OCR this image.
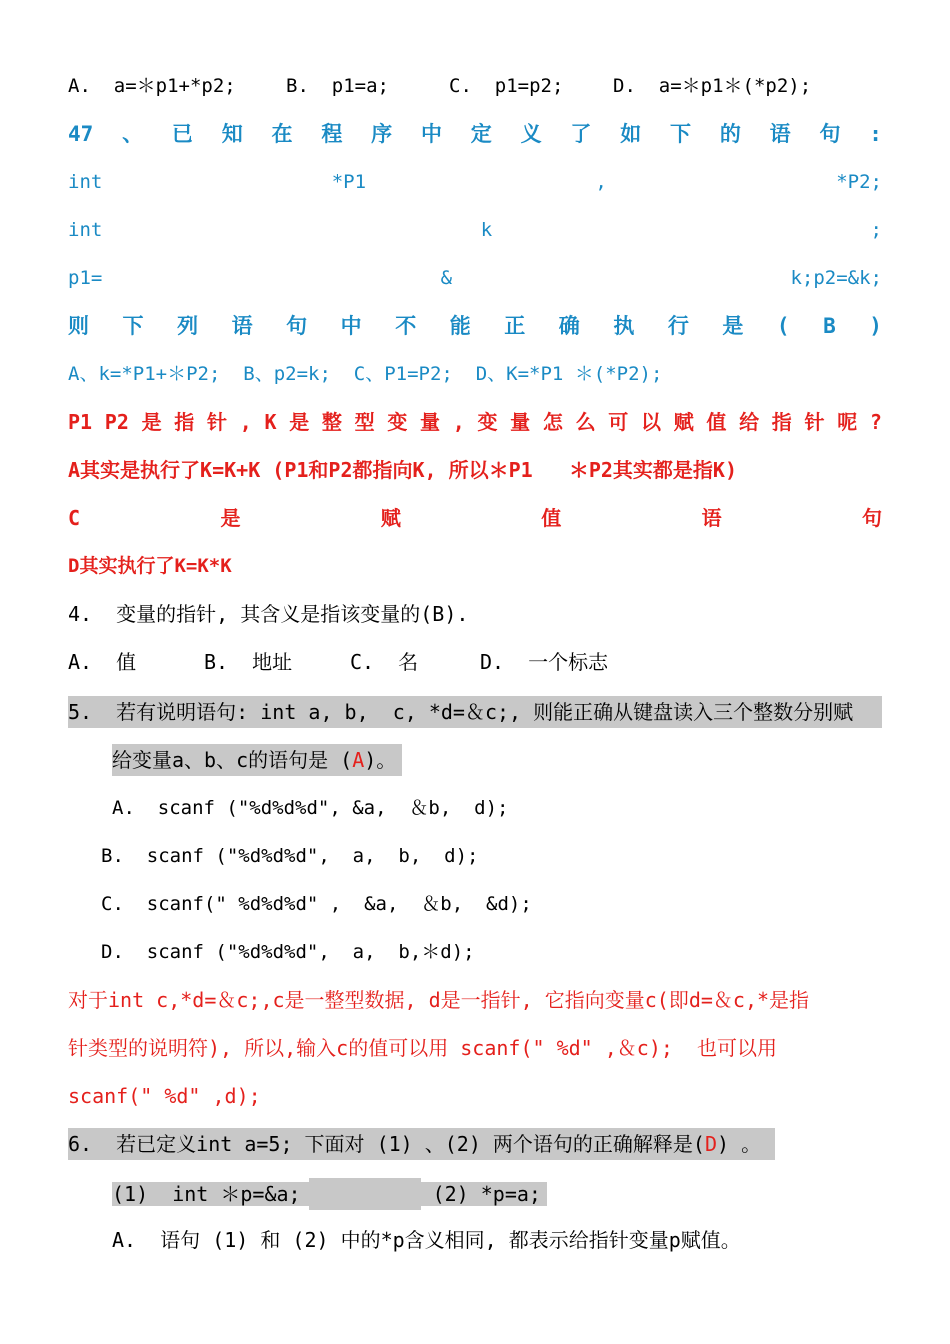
A.  a=＊p1+*p2;	B.  p1=a;	C.  p1=p2;	D.  a=＊p1＊(*p2);
47 、 已 知 在 程 序 中 定 义 了 如 下 的 语 句 :
int	*P1	,	*P2;
int	k	;
p1=	&	k;p2=&k;
则 下 列 语 句 中 不 能 正 确 执 行 是 ( B )
A、k=*P1+＊P2;  B、p2=k;  C、P1=P2;  D、K=*P1 ＊(*P2);
P1 P2 是 指 针 , K 是 整 型 变 量 , 变 量 怎 么 可 以 赋 值 给 指 针 呢 ?
A其实是执行了K=K+K (P1和P2都指向K, 所以＊P1   ＊P2其实都是指K)
C	是	赋	值	语	句
D其实执行了K=K*K
4.  变量的指针, 其含义是指该变量的(B).
A.  值	B.  地址	C.  名	D.  一个标志
5.  若有说明语句: int a, b,  c, *d=＆c;, 则能正确从键盘读入三个整数分别赋
给变量a、b、c的语句是 (A)。
A.  scanf ("%d%d%d", &a,  ＆b,  d);
B.  scanf ("%d%d%d",  a,  b,  d);
C.  scanf(" %d%d%d" ,  &a,  ＆b,  &d);
D.  scanf ("%d%d%d",  a,  b,＊d);
对于int c,*d=＆c;,c是一整型数据, d是一指针, 它指向变量c(即d=＆c,*是指
针类型的说明符), 所以,输入c的值可以用 scanf(" %d" ,＆c);  也可以用
scanf(" %d" ,d);
6.  若已定义int a=5; 下面对 (1) 、(2) 两个语句的正确解释是(D) 。
(1)  int ＊p=&a;	(2) *p=a;
A.  语句 (1) 和 (2) 中的*p含义相同, 都表示给指针变量p赋值。
